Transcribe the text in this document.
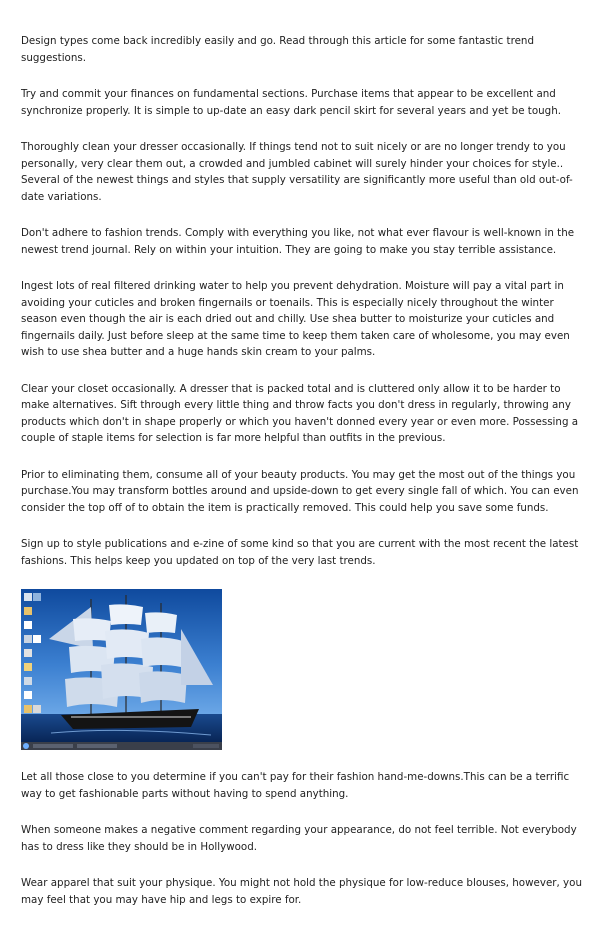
Design types come back incredibly easily and go. Read through this article for some fantastic trend suggestions.

Try and commit your finances on fundamental sections. Purchase items that appear to be excellent and synchronize properly. It is simple to up-date an easy dark pencil skirt for several years and yet be tough.

Thoroughly clean your dresser occasionally. If things tend not to suit nicely or are no longer trendy to you personally, very clear them out, a crowded and jumbled cabinet will surely hinder your choices for style.. Several of the newest things and styles that supply versatility are significantly more useful than old out-of-date variations.

Don't adhere to fashion trends. Comply with everything you like, not what ever flavour is well-known in the newest trend journal. Rely on within your intuition. They are going to make you stay terrible assistance.

Ingest lots of real filtered drinking water to help you prevent dehydration. Moisture will pay a vital part in avoiding your cuticles and broken fingernails or toenails. This is especially nicely throughout the winter season even though the air is each dried out and chilly. Use shea butter to moisturize your cuticles and fingernails daily. Just before sleep at the same time to keep them taken care of wholesome, you may even wish to use shea butter and a huge hands skin cream to your palms.

Clear your closet occasionally. A dresser that is packed total and is cluttered only allow it to be harder to make alternatives. Sift through every little thing and throw facts you don't dress in regularly, throwing any products which don't in shape properly or which you haven't donned every year or even more. Possessing a couple of staple items for selection is far more helpful than outfits in the previous.

Prior to eliminating them, consume all of your beauty products. You may get the most out of the things you purchase.You may transform bottles around and upside-down to get every single fall of which. You can even consider the top off of to obtain the item is practically removed. This could help you save some funds.

Sign up to style publications and e-zine of some kind so that you are current with the most recent the latest fashions. This helps keep you updated on top of the very last trends.

Let all those close to you determine if you can't pay for their fashion hand-me-downs.This can be a terrific way to get fashionable parts without having to spend anything.

When someone makes a negative comment regarding your appearance, do not feel terrible. Not everybody has to dress like they should be in Hollywood.

Wear apparel that suit your physique. You might not hold the physique for low-reduce blouses, however, you may feel that you may have hip and legs to expire for.
